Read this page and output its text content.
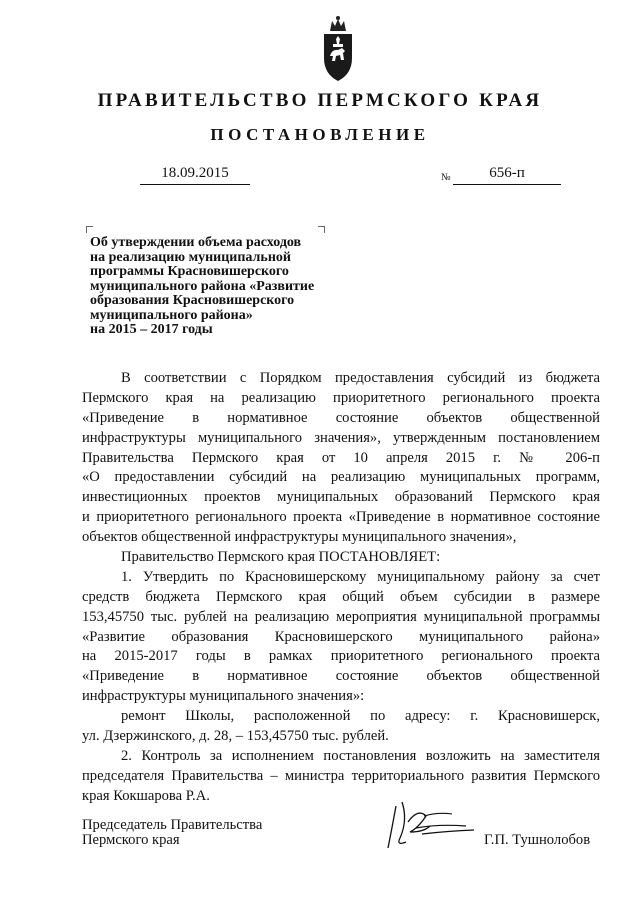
ПРАВИТЕЛЬСТВО ПЕРМСКОГО КРАЯ
ПОСТАНОВЛЕНИЕ
18.09.2015	№	656-п
Об утверждении объема расходов
на реализацию муниципальной
программы Красновишерского
муниципального района «Развитие
образования Красновишерского
муниципального района»
на 2015 – 2017 годы
В соответствии с Порядком предоставления субсидий из бюджета
Пермского края на реализацию приоритетного регионального проекта
«Приведение в нормативное состояние объектов общественной
инфраструктуры муниципального значения», утвержденным постановлением
Правительства Пермского края от 10 апреля 2015 г. № 206-п
«О предоставлении субсидий на реализацию муниципальных программ,
инвестиционных проектов муниципальных образований Пермского края
и приоритетного регионального проекта «Приведение в нормативное состояние
объектов общественной инфраструктуры муниципального значения»,
Правительство Пермского края ПОСТАНОВЛЯЕТ:
1. Утвердить по Красновишерскому муниципальному району за счет
средств бюджета Пермского края общий объем субсидии в размере
153,45750 тыс. рублей на реализацию мероприятия муниципальной программы
«Развитие образования Красновишерского муниципального района»
на 2015-2017 годы в рамках приоритетного регионального проекта
«Приведение в нормативное состояние объектов общественной
инфраструктуры муниципального значения»:
ремонт Школы, расположенной по адресу: г. Красновишерск,
ул. Дзержинского, д. 28, – 153,45750 тыс. рублей.
2. Контроль за исполнением постановления возложить на заместителя
председателя Правительства – министра территориального развития Пермского
края Кокшарова Р.А.
Председатель Правительства
Пермского края	Г.П. Тушнолобов
